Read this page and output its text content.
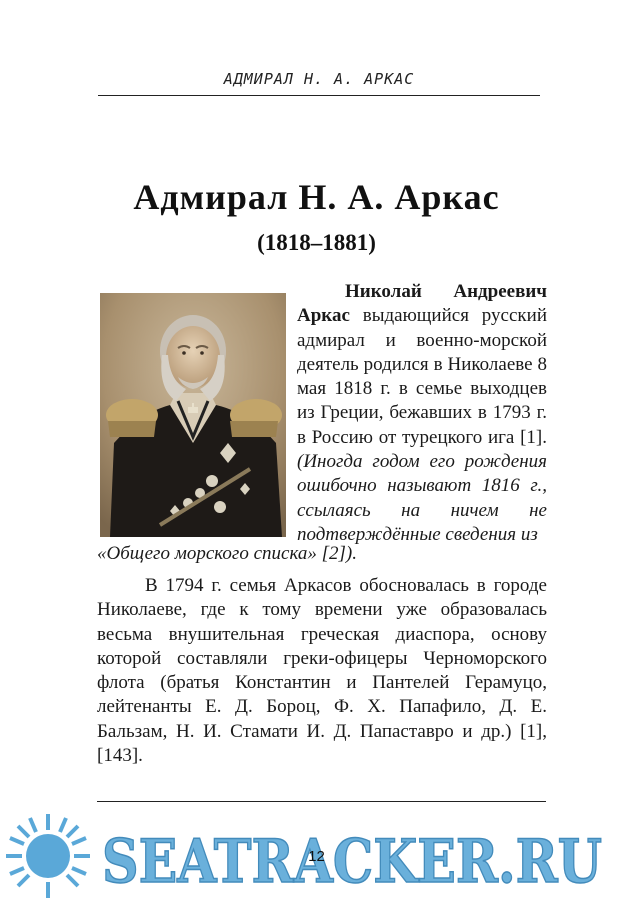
АДМИРАЛ Н. А. АРКАС
Адмирал Н. А. Аркас
(1818–1881)

Николай Андреевич Аркас выдающийся русский адмирал и военно-морской деятель родился в Николаеве 8 мая 1818 г. в семье выходцев из Греции, бежавших в 1793 г. в Россию от турецкого ига [1]. (Иногда годом его рождения ошибочно называют 1816 г., ссылаясь на ничем не подтверждённые сведения из

«Общего морского списка» [2]).
В 1794 г. семья Аркасов обосновалась в городе Николаеве, где к тому времени уже образовалась весьма внушительная греческая диаспора, основу которой составляли греки-офицеры Черноморского флота (братья Константин и Пантелей Герамуцо, лейтенанты Е. Д. Бороц, Ф. Х. Папафило, Д. Е. Бальзам, Н. И. Стамати И. Д. Папаставро и др.) [1], [143].
SEATRACKER.RU
12
